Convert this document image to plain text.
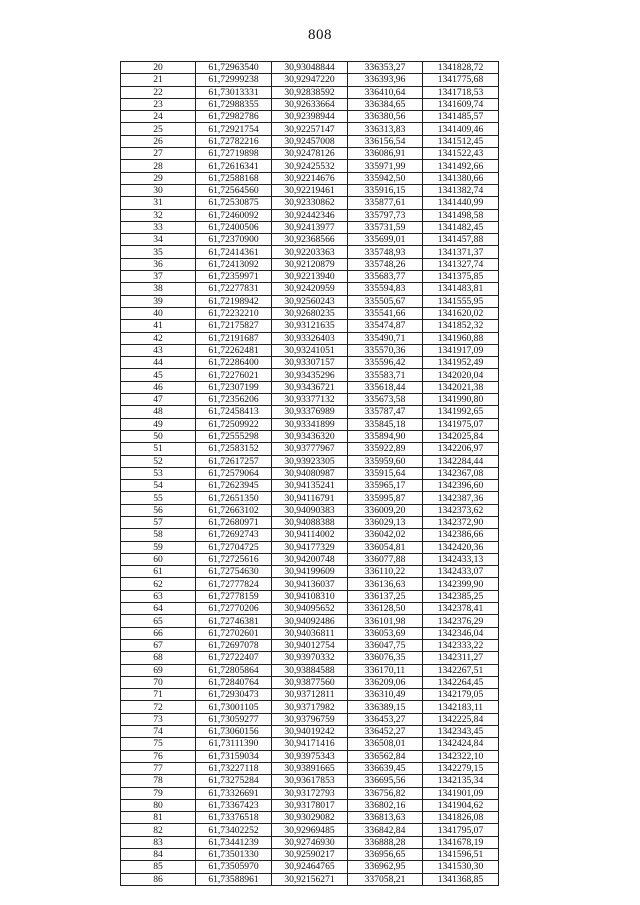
808
20	61,72963540	30,93048844	336353,27	1341828,72
21	61,72999238	30,92947220	336393,96	1341775,68
22	61,73013331	30,92838592	336410,64	1341718,53
23	61,72988355	30,92633664	336384,65	1341609,74
24	61,72982786	30,92398944	336380,56	1341485,57
25	61,72921754	30,92257147	336313,83	1341409,46
26	61,72782216	30,92457008	336156,54	1341512,45
27	61,72719898	30,92478126	336086,91	1341522,43
28	61,72616341	30,92425532	335971,99	1341492,66
29	61,72588168	30,92214676	335942,50	1341380,66
30	61,72564560	30,92219461	335916,15	1341382,74
31	61,72530875	30,92330862	335877,61	1341440,99
32	61,72460092	30,92442346	335797,73	1341498,58
33	61,72400506	30,92413977	335731,59	1341482,45
34	61,72370900	30,92368566	335699,01	1341457,88
35	61,72414361	30,92203363	335748,93	1341371,37
36	61,72413092	30,92120879	335748,26	1341327,74
37	61,72359971	30,92213940	335683,77	1341375,85
38	61,72277831	30,92420959	335594,83	1341483,81
39	61,72198942	30,92560243	335505,67	1341555,95
40	61,72232210	30,92680235	335541,66	1341620,02
41	61,72175827	30,93121635	335474,87	1341852,32
42	61,72191687	30,93326403	335490,71	1341960,88
43	61,72262481	30,93241051	335570,36	1341917,09
44	61,72286400	30,93307157	335596,42	1341952,49
45	61,72276021	30,93435296	335583,71	1342020,04
46	61,72307199	30,93436721	335618,44	1342021,38
47	61,72356206	30,93377132	335673,58	1341990,80
48	61,72458413	30,93376989	335787,47	1341992,65
49	61,72509922	30,93341899	335845,18	1341975,07
50	61,72555298	30,93436320	335894,90	1342025,84
51	61,72583152	30,93777967	335922,89	1342206,97
52	61,72617257	30,93923305	335959,60	1342284,44
53	61,72579064	30,94080987	335915,64	1342367,08
54	61,72623945	30,94135241	335965,17	1342396,60
55	61,72651350	30,94116791	335995,87	1342387,36
56	61,72663102	30,94090383	336009,20	1342373,62
57	61,72680971	30,94088388	336029,13	1342372,90
58	61,72692743	30,94114002	336042,02	1342386,66
59	61,72704725	30,94177329	336054,81	1342420,36
60	61,72725616	30,94200748	336077,88	1342433,13
61	61,72754630	30,94199609	336110,22	1342433,07
62	61,72777824	30,94136037	336136,63	1342399,90
63	61,72778159	30,94108310	336137,25	1342385,25
64	61,72770206	30,94095652	336128,50	1342378,41
65	61,72746381	30,94092486	336101,98	1342376,29
66	61,72702601	30,94036811	336053,69	1342346,04
67	61,72697078	30,94012754	336047,75	1342333,22
68	61,72722407	30,93970332	336076,35	1342311,27
69	61,72805864	30,93884588	336170,11	1342267,51
70	61,72840764	30,93877560	336209,06	1342264,45
71	61,72930473	30,93712811	336310,49	1342179,05
72	61,73001105	30,93717982	336389,15	1342183,11
73	61,73059277	30,93796759	336453,27	1342225,84
74	61,73060156	30,94019242	336452,27	1342343,45
75	61,73111390	30,94171416	336508,01	1342424,84
76	61,73159034	30,93975343	336562,84	1342322,10
77	61,73227118	30,93891665	336639,45	1342279,15
78	61,73275284	30,93617853	336695,56	1342135,34
79	61,73326691	30,93172793	336756,82	1341901,09
80	61,73367423	30,93178017	336802,16	1341904,62
81	61,73376518	30,93029082	336813,63	1341826,08
82	61,73402252	30,92969485	336842,84	1341795,07
83	61,73441239	30,92746930	336888,28	1341678,19
84	61,73501330	30,92590217	336956,65	1341596,51
85	61,73505970	30,92464765	336962,95	1341530,30
86	61,73588961	30,92156271	337058,21	1341368,85
